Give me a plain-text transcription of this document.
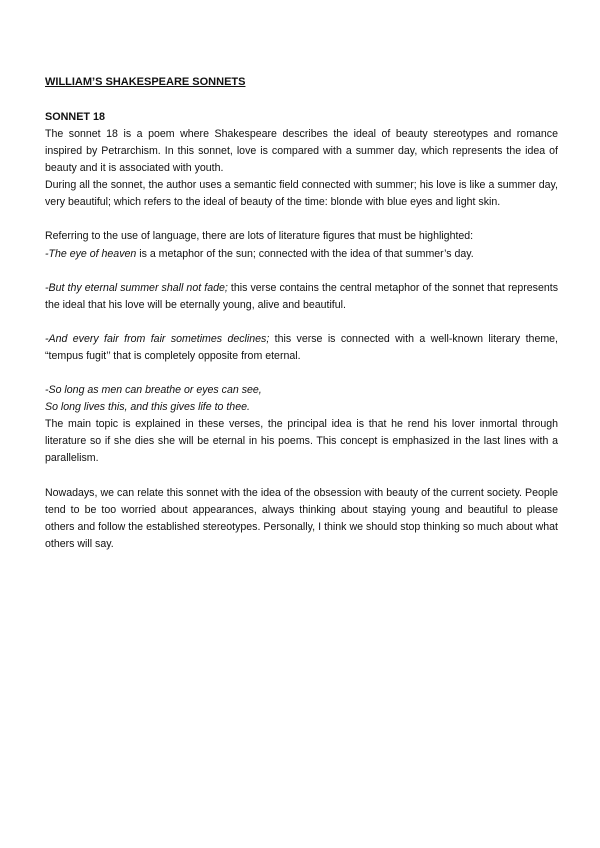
WILLIAM’S SHAKESPEARE SONNETS
SONNET 18

The sonnet 18 is a poem where Shakespeare describes the ideal of beauty stereotypes and romance inspired by Petrarchism. In this sonnet, love is compared with a summer day, which represents the idea of beauty and it is associated with youth.

During all the sonnet, the author uses a semantic field connected with summer; his love is like a summer day, very beautiful; which refers to the ideal of beauty of the time: blonde with blue eyes and light skin.

Referring to the use of language, there are lots of literature figures that must be highlighted:

-The eye of heaven is a metaphor of the sun; connected with the idea of that summer’s day.

-But thy eternal summer shall not fade; this verse contains the central metaphor of the sonnet that represents the ideal that his love will be eternally young, alive and beautiful.

-And every fair from fair sometimes declines; this verse is connected with a well-known literary theme, “tempus fugit’’ that is completely opposite from eternal.

-So long as men can breathe or eyes can see,

So long lives this, and this gives life to thee.

The main topic is explained in these verses, the principal idea is that he rend his lover inmortal through literature so if she dies she will be eternal in his poems. This concept is emphasized in the last lines with a parallelism.

Nowadays, we can relate this sonnet with the idea of the obsession with beauty of the current society. People tend to be too worried about appearances, always thinking about staying young and beautiful to please others and follow the established stereotypes. Personally, I think we should stop thinking so much about what others will say.
